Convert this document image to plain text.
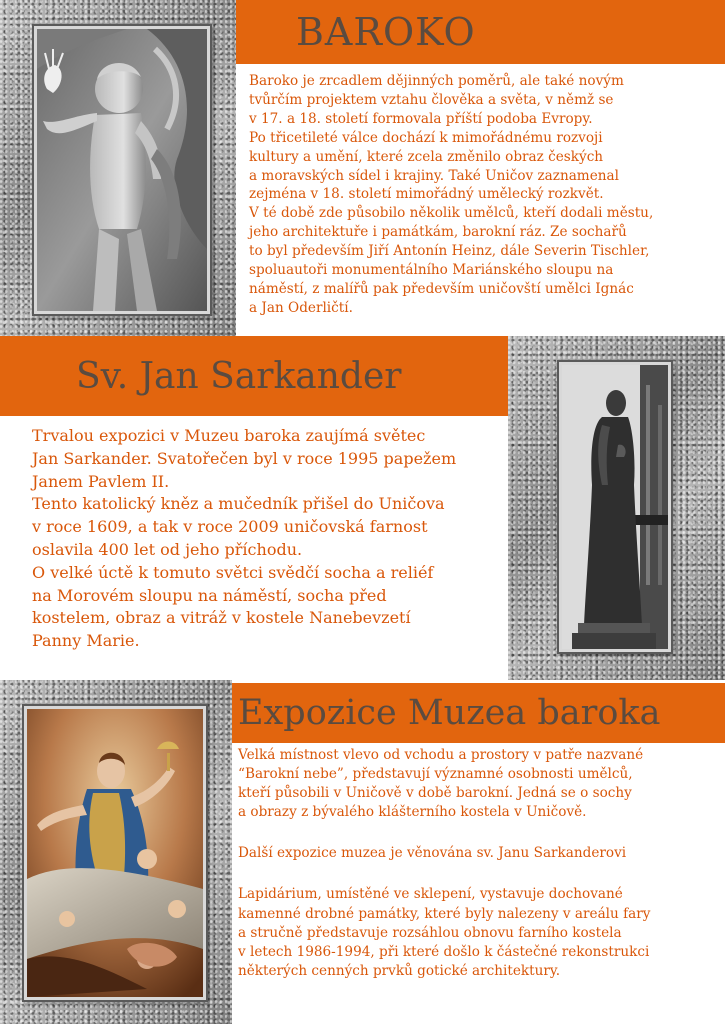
BAROKO

Baroko je zrcadlem dějinných poměrů, ale také novým

tvůrčím projektem vztahu člověka a světa, v němž se

v 17. a 18. století formovala příští podoba Evropy.

Po třicetileté válce dochází k mimořádnému rozvoji

kultury a umění, které zcela změnilo obraz českých

a moravských sídel i krajiny. Také Uničov zaznamenal

zejména v 18. století mimořádný umělecký rozkvět.

V té době zde působilo několik umělců, kteří dodali městu,

jeho architektuře i památkám, barokní ráz. Ze sochařů

to byl především Jiří Antonín Heinz, dále Severin Tischler,

spoluautoři monumentálního Mariánského sloupu na

náměstí, z malířů pak především uničovští umělci Ignác

a Jan Oderličtí.

Sv. Jan Sarkander

Trvalou expozici v Muzeu baroka zaujímá světec

Jan Sarkander. Svatořečen byl v roce 1995 papežem

Janem Pavlem II.

Tento katolický kněz a mučedník přišel do Uničova

v roce 1609, a tak v roce 2009 uničovská farnost

oslavila 400 let od jeho příchodu.

O velké úctě k tomuto světci svědčí socha a reliéf

na Morovém sloupu na náměstí, socha před

kostelem, obraz a vitráž v kostele Nanebevzetí

Panny Marie.

Expozice Muzea baroka

Velká místnost vlevo od vchodu a prostory v patře nazvané

“Barokní nebe”, představují významné osobnosti umělců,

kteří působili v Uničově v době barokní. Jedná se o sochy

a obrazy z bývalého klášterního kostela v Uničově.

Další expozice muzea je věnována sv. Janu Sarkanderovi

Lapidárium, umístěné ve sklepení, vystavuje dochované

kamenné drobné památky, které byly nalezeny v areálu fary

a stručně představuje rozsáhlou obnovu farního kostela

v letech 1986-1994, při které došlo k částečné rekonstrukci

některých cenných prvků gotické architektury.
